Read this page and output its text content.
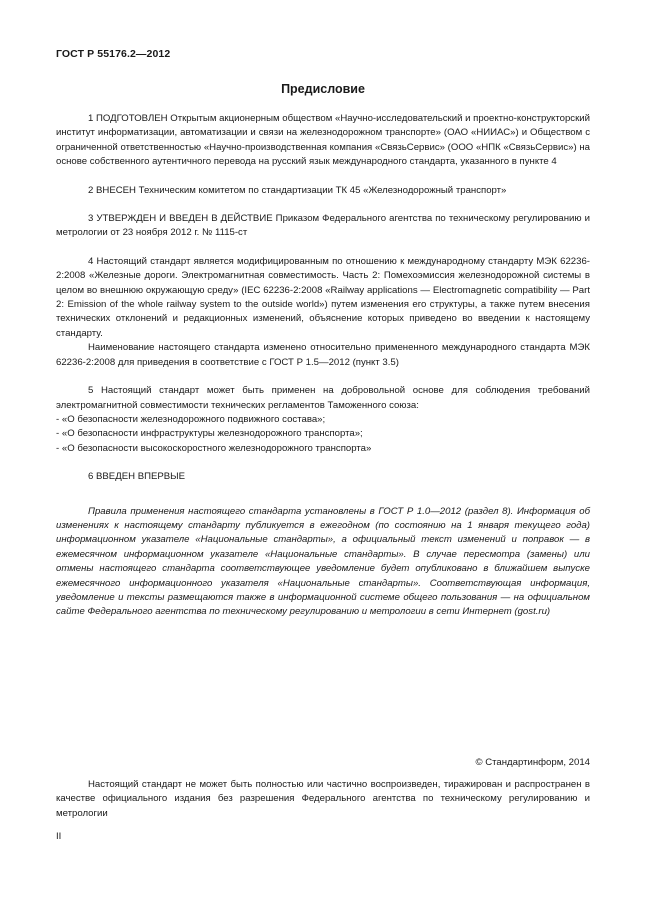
ГОСТ Р 55176.2—2012
Предисловие

1 ПОДГОТОВЛЕН Открытым акционерным обществом «Научно-исследовательский и проектно-конструкторский институт информатизации, автоматизации и связи на железнодорожном транспорте» (ОАО «НИИАС») и Обществом с ограниченной ответственностью «Научно-производственная компания «СвязьСервис» (ООО «НПК «СвязьСервис») на основе собственного аутентичного перевода на русский язык международного стандарта, указанного в пункте 4

2 ВНЕСЕН Техническим комитетом по стандартизации ТК 45 «Железнодорожный транспорт»

3 УТВЕРЖДЕН И ВВЕДЕН В ДЕЙСТВИЕ Приказом Федерального агентства по техническому регулированию и метрологии от 23 ноября 2012 г. № 1115-ст

4 Настоящий стандарт является модифицированным по отношению к международному стандарту МЭК 62236-2:2008 «Железные дороги. Электромагнитная совместимость. Часть 2: Помехоэмиссия железнодорожной системы в целом во внешнюю окружающую среду» (IEC 62236-2:2008 «Railway applications — Electromagnetic compatibility — Part 2: Emission of the whole railway system to the outside world») путем изменения его структуры, а также путем внесения технических отклонений и редакционных изменений, объяснение которых приведено во введении к настоящему стандарту.

Наименование настоящего стандарта изменено относительно примененного международного стандарта МЭК 62236-2:2008 для приведения в соответствие с ГОСТ Р 1.5—2012 (пункт 3.5)

5 Настоящий стандарт может быть применен на добровольной основе для соблюдения требований электромагнитной совместимости технических регламентов Таможенного союза:

- «О безопасности железнодорожного подвижного состава»;
- «О безопасности инфраструктуры железнодорожного транспорта»;
- «О безопасности высокоскоростного железнодорожного транспорта»

6 ВВЕДЕН ВПЕРВЫЕ

Правила применения настоящего стандарта установлены в ГОСТ Р 1.0—2012 (раздел 8). Информация об изменениях к настоящему стандарту публикуется в ежегодном (по состоянию на 1 января текущего года) информационном указателе «Национальные стандарты», а официальный текст изменений и поправок — в ежемесячном информационном указателе «Национальные стандарты». В случае пересмотра (замены) или отмены настоящего стандарта соответствующее уведомление будет опубликовано в ближайшем выпуске ежемесячного информационного указателя «Национальные стандарты». Соответствующая информация, уведомление и тексты размещаются также в информационной системе общего пользования — на официальном сайте Федерального агентства по техническому регулированию и метрологии в сети Интернет (gost.ru)

© Стандартинформ, 2014
Настоящий стандарт не может быть полностью или частично воспроизведен, тиражирован и распространен в качестве официального издания без разрешения Федерального агентства по техническому регулированию и метрологии
II
